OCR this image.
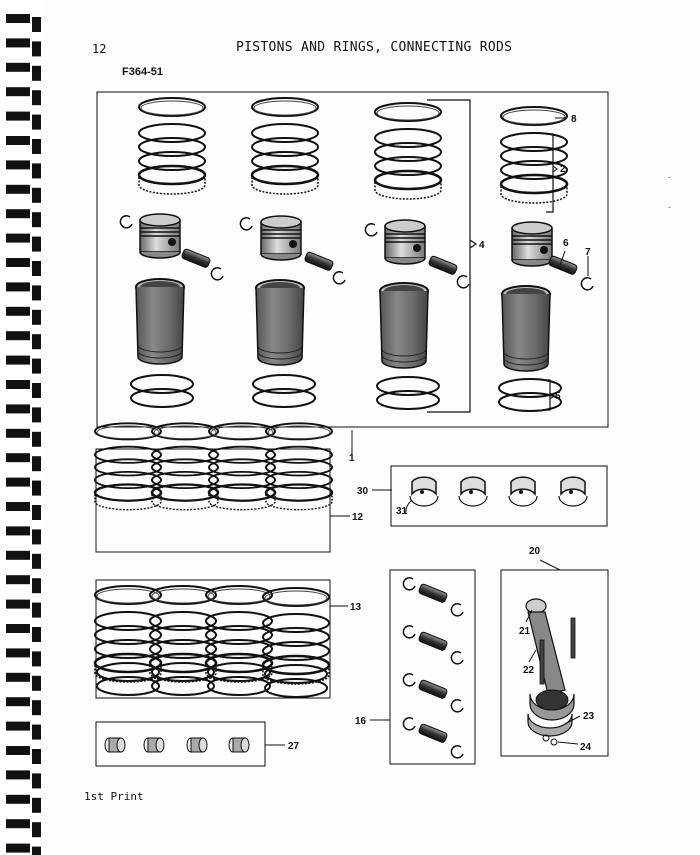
12	PISTONS AND RINGS, CONNECTING RODS
F364-51
1st Print
8
2
4	6
7
5
1
12
13
30
31
16
20
21
22
23
24
27
-
-
